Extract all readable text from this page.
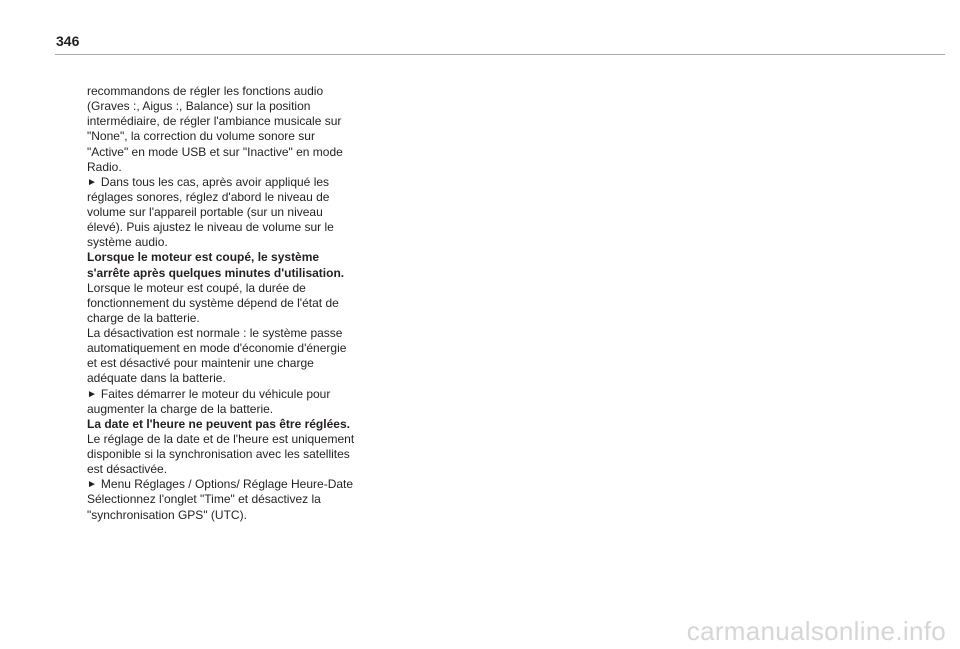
346

recommandons de régler les fonctions audio (Graves :, Aigus :, Balance) sur la position intermédiaire, de régler l'ambiance musicale sur "None", la correction du volume sonore sur "Active" en mode USB et sur "Inactive" en mode Radio.

► Dans tous les cas, après avoir appliqué les réglages sonores, réglez d'abord le niveau de volume sur l'appareil portable (sur un niveau élevé). Puis ajustez le niveau de volume sur le système audio.

Lorsque le moteur est coupé, le système s'arrête après quelques minutes d'utilisation.

Lorsque le moteur est coupé, la durée de fonctionnement du système dépend de l'état de charge de la batterie.

La désactivation est normale : le système passe automatiquement en mode d'économie d'énergie et est désactivé pour maintenir une charge adéquate dans la batterie.

► Faites démarrer le moteur du véhicule pour augmenter la charge de la batterie.

La date et l'heure ne peuvent pas être réglées.

Le réglage de la date et de l'heure est uniquement disponible si la synchronisation avec les satellites est désactivée.

► Menu Réglages / Options/ Réglage Heure-Date Sélectionnez l'onglet "Time" et désactivez la "synchronisation GPS" (UTC).

carmanualsonline.info
